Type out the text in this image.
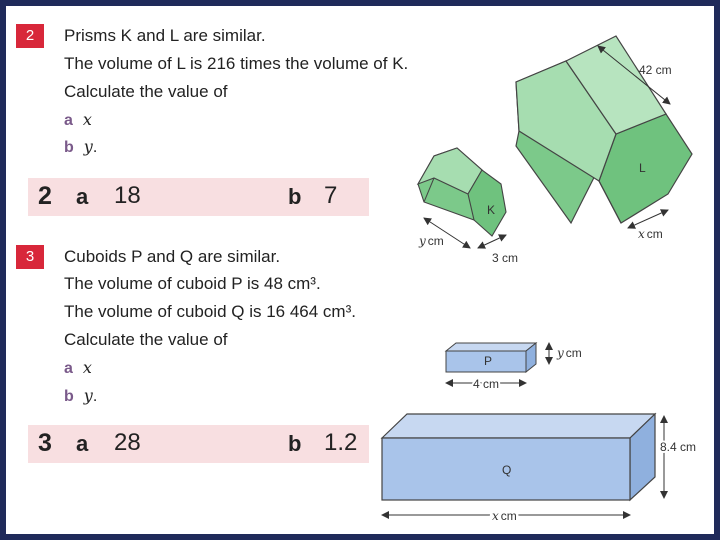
2	Prisms K and L are similar.
The volume of L is 216 times the volume of K.
Calculate the value of
a x
b y.
2 a 18	b 7
3	Cuboids P and Q are similar.
The volume of cuboid P is 48 cm³.
The volume of cuboid Q is 16 464 cm³.
Calculate the value of
a x
b y.
3 a 28	b 1.2
L
K
42 cm
x cm
y cm
3 cm
P
4 cm
y cm
Q
8.4 cm
x cm
